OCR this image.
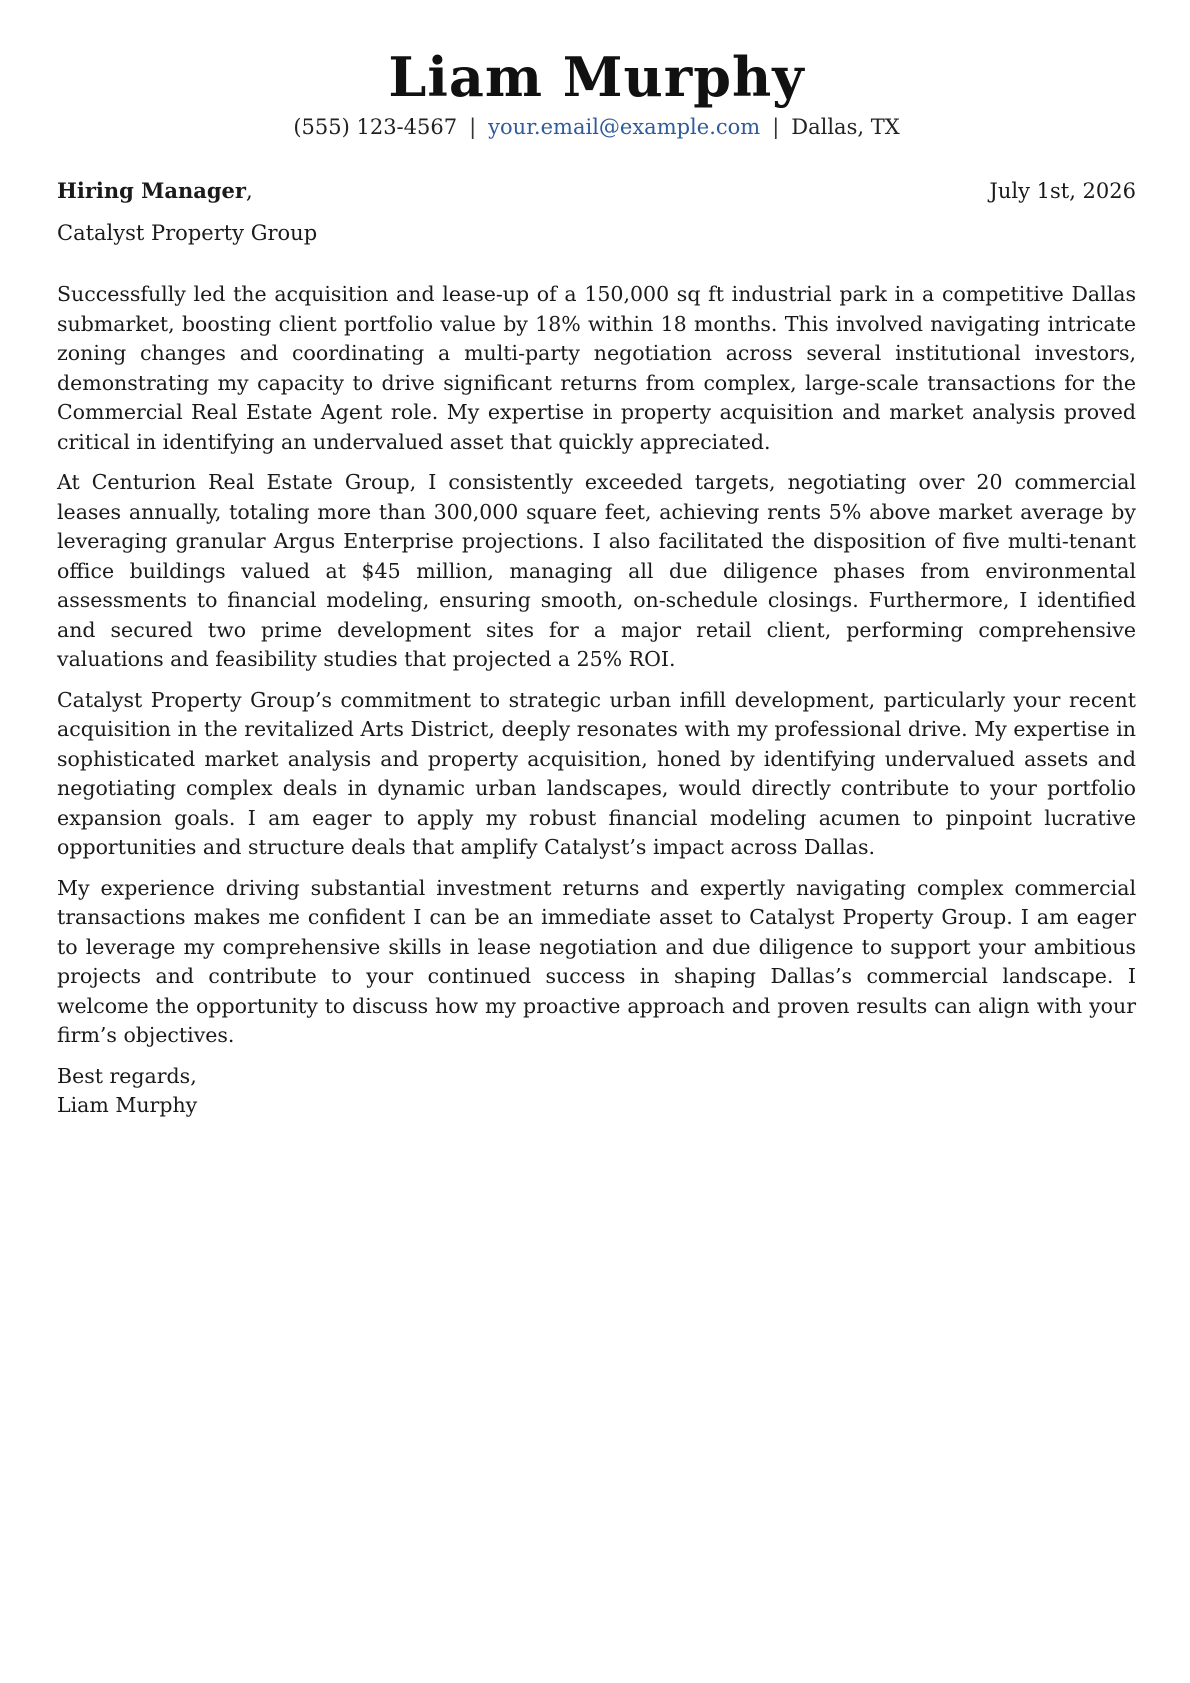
Liam Murphy
(555) 123-4567 | your.email@example.com | Dallas, TX
Hiring Manager,	July 1st, 2026
Catalyst Property Group

Successfully led the acquisition and lease-up of a 150,000 sq ft industrial park in a competitive Dallas submarket, boosting client portfolio value by 18% within 18 months. This involved navigating intricate zoning changes and coordinating a multi-party negotiation across several institutional investors, demonstrating my capacity to drive significant returns from complex, large-scale transactions for the Commercial Real Estate Agent role. My expertise in property acquisition and market analysis proved critical in identifying an undervalued asset that quickly appreciated.

At Centurion Real Estate Group, I consistently exceeded targets, negotiating over 20 commercial leases annually, totaling more than 300,000 square feet, achieving rents 5% above market average by leveraging granular Argus Enterprise projections. I also facilitated the disposition of five multi-tenant office buildings valued at $45 million, managing all due diligence phases from environmental assessments to financial modeling, ensuring smooth, on-schedule closings. Furthermore, I identified and secured two prime development sites for a major retail client, performing comprehensive valuations and feasibility studies that projected a 25% ROI.

Catalyst Property Group’s commitment to strategic urban infill development, particularly your recent acquisition in the revitalized Arts District, deeply resonates with my professional drive. My expertise in sophisticated market analysis and property acquisition, honed by identifying undervalued assets and negotiating complex deals in dynamic urban landscapes, would directly contribute to your portfolio expansion goals. I am eager to apply my robust financial modeling acumen to pinpoint lucrative opportunities and structure deals that amplify Catalyst’s impact across Dallas.

My experience driving substantial investment returns and expertly navigating complex commercial transactions makes me confident I can be an immediate asset to Catalyst Property Group. I am eager to leverage my comprehensive skills in lease negotiation and due diligence to support your ambitious projects and contribute to your continued success in shaping Dallas’s commercial landscape. I welcome the opportunity to discuss how my proactive approach and proven results can align with your firm’s objectives.

Best regards,
Liam Murphy
